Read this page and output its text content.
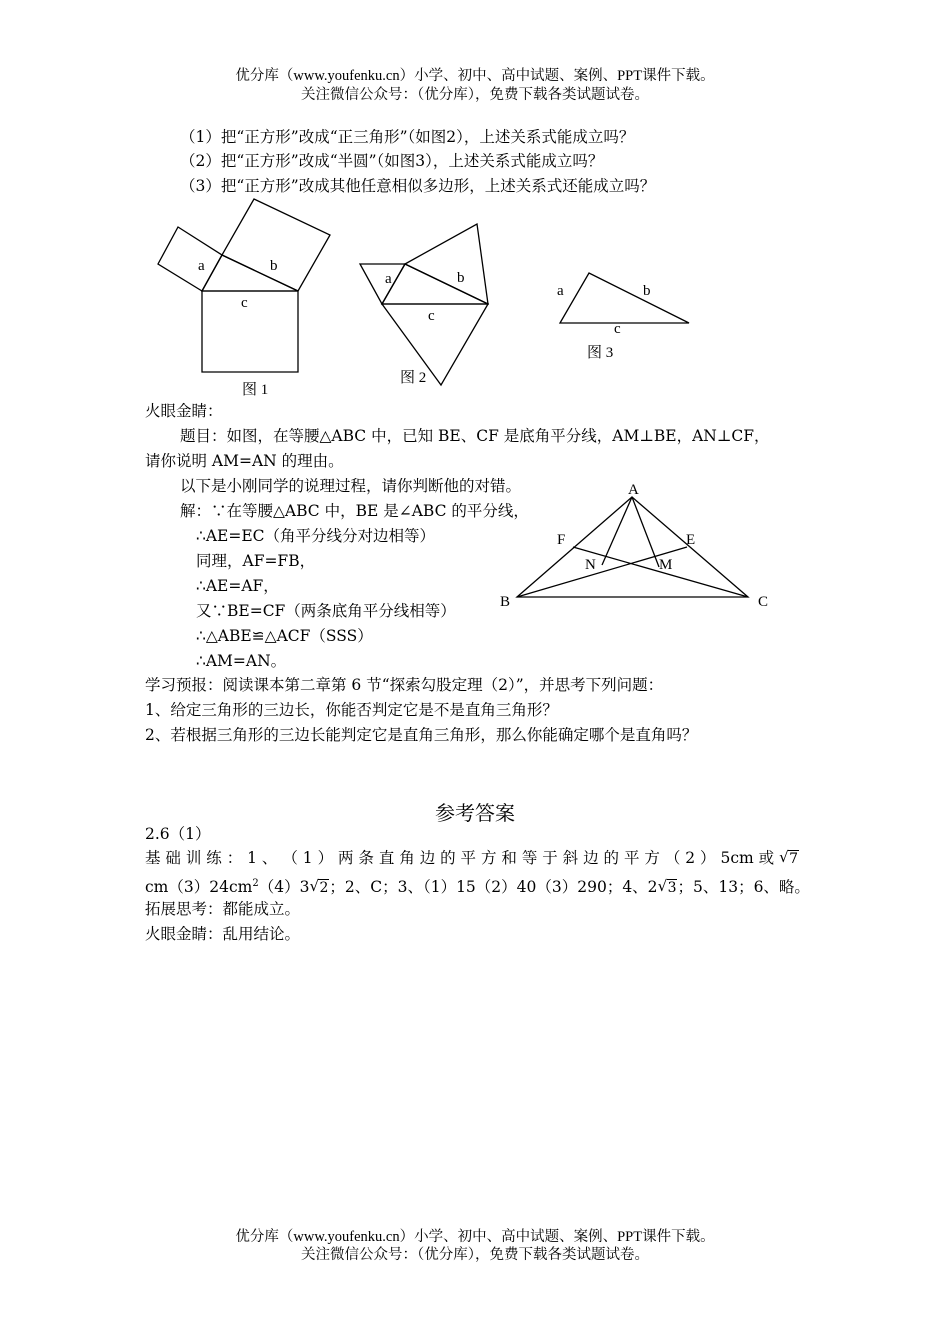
优分库（www.youfenku.cn）小学、初中、高中试题、案例、PPT课件下载。
关注微信公众号：（优分库），免费下载各类试题试卷。
（1）把“正方形”改成“正三角形”（如图2），上述关系式能成立吗？
（2）把“正方形”改成“半圆”（如图3），上述关系式能成立吗？
（3）把“正方形”改成其他任意相似多边形，上述关系式还能成立吗？
a	b
c
图 1
a	b
c
图 2
a	b
c
图 3
火眼金睛：
题目：如图，在等腰△ABC 中，已知 BE、CF 是底角平分线，AM⊥BE，AN⊥CF，
请你说明 AM=AN 的理由。
以下是小刚同学的说理过程，请你判断他的对错。
解：∵在等腰△ABC 中，BE 是∠ABC 的平分线，
∴AE=EC（角平分线分对边相等）
同理，AF=FB，
∴AE=AF，
又∵BE=CF（两条底角平分线相等）
∴△ABE≌△ACF（SSS）
∴AM=AN。
A
B	C
E
F
N	M
学习预报：阅读课本第二章第 6 节“探索勾股定理（2）”，并思考下列问题：
1、给定三角形的三边长，你能否判定它是不是直角三角形？
2、若根据三角形的三边长能判定它是直角三角形，那么你能确定哪个是直角吗？
参考答案
2.6（1）
基 础 训 练 ： 1 、 （ 1 ） 两 条 直 角 边 的 平 方 和 等 于 斜 边 的 平 方 （ 2 ） 5cm 或 √ 7
$cm(3)24cm^2(4)3√$ 2；2、C；3、（1）15（2）40（3）290；4、2√ 3；5、13；6、略。
拓展思考：都能成立。
火眼金睛：乱用结论。
优分库（www.youfenku.cn）小学、初中、高中试题、案例、PPT课件下载。
关注微信公众号：（优分库），免费下载各类试题试卷。
